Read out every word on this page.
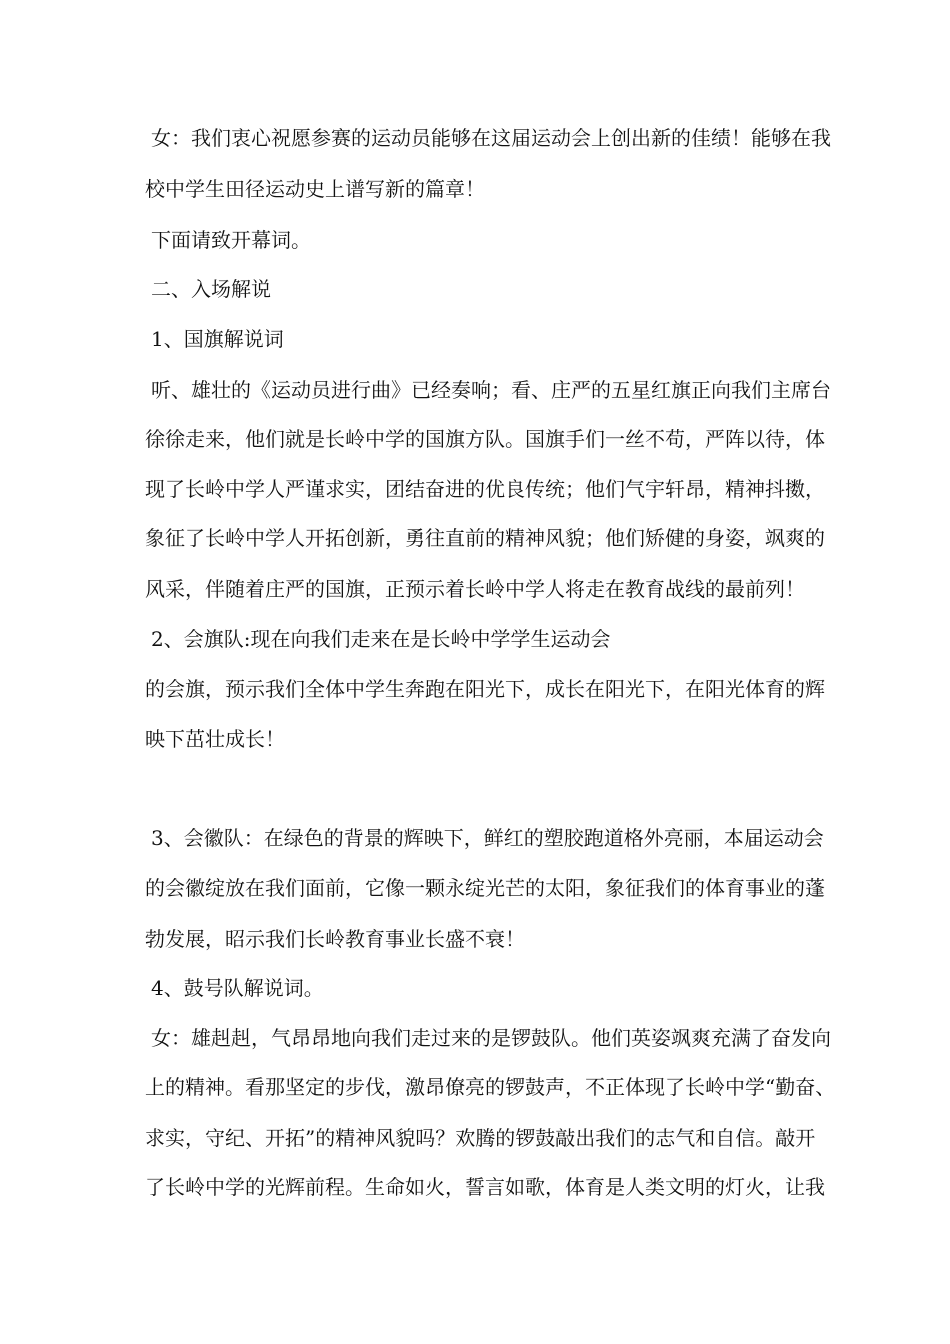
女：我们衷心祝愿参赛的运动员能够在这届运动会上创出新的佳绩！能够在我
校中学生田径运动史上谱写新的篇章！
下面请致开幕词。
二、入场解说
1、国旗解说词
听、雄壮的《运动员进行曲》已经奏响；看、庄严的五星红旗正向我们主席台
徐徐走来，他们就是长岭中学的国旗方队。国旗手们一丝不苟，严阵以待，体
现了长岭中学人严谨求实，团结奋进的优良传统；他们气宇轩昂，精神抖擞，
象征了长岭中学人开拓创新，勇往直前的精神风貌；他们矫健的身姿，飒爽的
风采，伴随着庄严的国旗，正预示着长岭中学人将走在教育战线的最前列！
2、会旗队:现在向我们走来在是长岭中学学生运动会
的会旗，预示我们全体中学生奔跑在阳光下，成长在阳光下，在阳光体育的辉
映下茁壮成长！
3、会徽队：在绿色的背景的辉映下，鲜红的塑胶跑道格外亮丽，本届运动会
的会徽绽放在我们面前，它像一颗永绽光芒的太阳，象征我们的体育事业的蓬
勃发展，昭示我们长岭教育事业长盛不衰！
4、鼓号队解说词。
女：雄赳赳，气昂昂地向我们走过来的是锣鼓队。他们英姿飒爽充满了奋发向
上的精神。看那坚定的步伐，激昂僚亮的锣鼓声，不正体现了长岭中学“勤奋、
求实，守纪、开拓”的精神风貌吗？欢腾的锣鼓敲出我们的志气和自信。敲开
了长岭中学的光辉前程。生命如火，誓言如歌，体育是人类文明的灯火，让我
